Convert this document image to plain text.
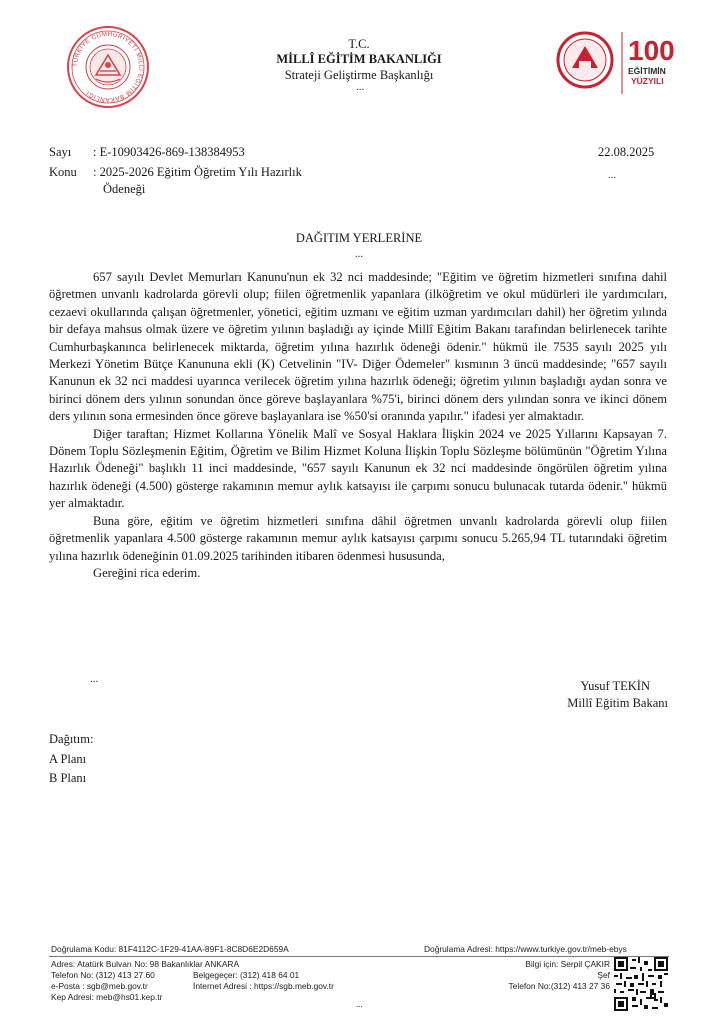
TÜRKİYE CUMHURİYETİ MİLLÎ EĞİTİM BAKANLIĞI
T.C.
MİLLÎ EĞİTİM BAKANLIĞI
Strateji Geliştirme Başkanlığı
100
EĞİTİMİN
YÜZYILI
...
Sayı : E-10903426-869-138384953	22.08.2025
Konu : 2025-2026 Eğitim Öğretim Yılı Hazırlık
Ödeneği
...
DAĞITIM YERLERİNE
...

657 sayılı Devlet Memurları Kanunu'nun ek 32 nci maddesinde; "Eğitim ve öğretim hizmetleri sınıfına dahil öğretmen unvanlı kadrolarda görevli olup; fiilen öğretmenlik yapanlara (ilköğretim ve okul müdürleri ile yardımcıları, cezaevi okullarında çalışan öğretmenler, yönetici, eğitim uzmanı ve eğitim uzman yardımcıları dahil) her öğretim yılında bir defaya mahsus olmak üzere ve öğretim yılının başladığı ay içinde Millî Eğitim Bakanı tarafından belirlenecek tarihte Cumhurbaşkanınca belirlenecek miktarda, öğretim yılına hazırlık ödeneği ödenir." hükmü ile 7535 sayılı 2025 yılı Merkezi Yönetim Bütçe Kanununa ekli (K) Cetvelinin "IV- Diğer Ödemeler" kısmının 3 üncü maddesinde; "657 sayılı Kanunun ek 32 nci maddesi uyarınca verilecek öğretim yılına hazırlık ödeneği; öğretim yılının başladığı aydan sonra ve birinci dönem ders yılının sonundan önce göreve başlayanlara %75'i, birinci dönem ders yılından sonra ve ikinci dönem ders yılının sona ermesinden önce göreve başlayanlara ise %50'si oranında yapılır." ifadesi yer almaktadır.

Diğer taraftan; Hizmet Kollarına Yönelik Malî ve Sosyal Haklara İlişkin 2024 ve 2025 Yıllarını Kapsayan 7. Dönem Toplu Sözleşmenin Eğitim, Öğretim ve Bilim Hizmet Koluna İlişkin Toplu Sözleşme bölümünün "Öğretim Yılına Hazırlık Ödeneği" başlıklı 11 inci maddesinde, "657 sayılı Kanunun ek 32 nci maddesinde öngörülen öğretim yılına hazırlık ödeneği (4.500) gösterge rakamının memur aylık katsayısı ile çarpımı sonucu bulunacak tutarda ödenir." hükmü yer almaktadır.

Buna göre, eğitim ve öğretim hizmetleri sınıfına dâhil öğretmen unvanlı kadrolarda görevli olup fiilen öğretmenlik yapanlara 4.500 gösterge rakamının memur aylık katsayısı çarpımı sonucu 5.265,94 TL tutarındaki öğretim yılına hazırlık ödeneğinin 01.09.2025 tarihinden itibaren ödenmesi hususunda,

Gereğini rica ederim.

...	Yusuf TEKİN
Millî Eğitim Bakanı
Dağıtım:
A Planı
B Planı
Doğrulama Kodu: 81F4112C-1F29-41AA-89F1-8C8D6E2D659A	Doğrulama Adresi: https://www.turkiye.gov.tr/meb-ebys
Adres: Atatürk Bulvarı No: 98 Bakanlıklar ANKARA
Telefon No: (312) 413 27 60	Belgegeçer: (312) 418 64 01
e-Posta : sgb@meb.gov.tr	İnternet Adresi : https://sgb.meb.gov.tr
Kep Adresi: meb@hs01.kep.tr
Bilgi için: Serpil ÇAKIR
Şef
Telefon No:(312) 413 27 36
...
